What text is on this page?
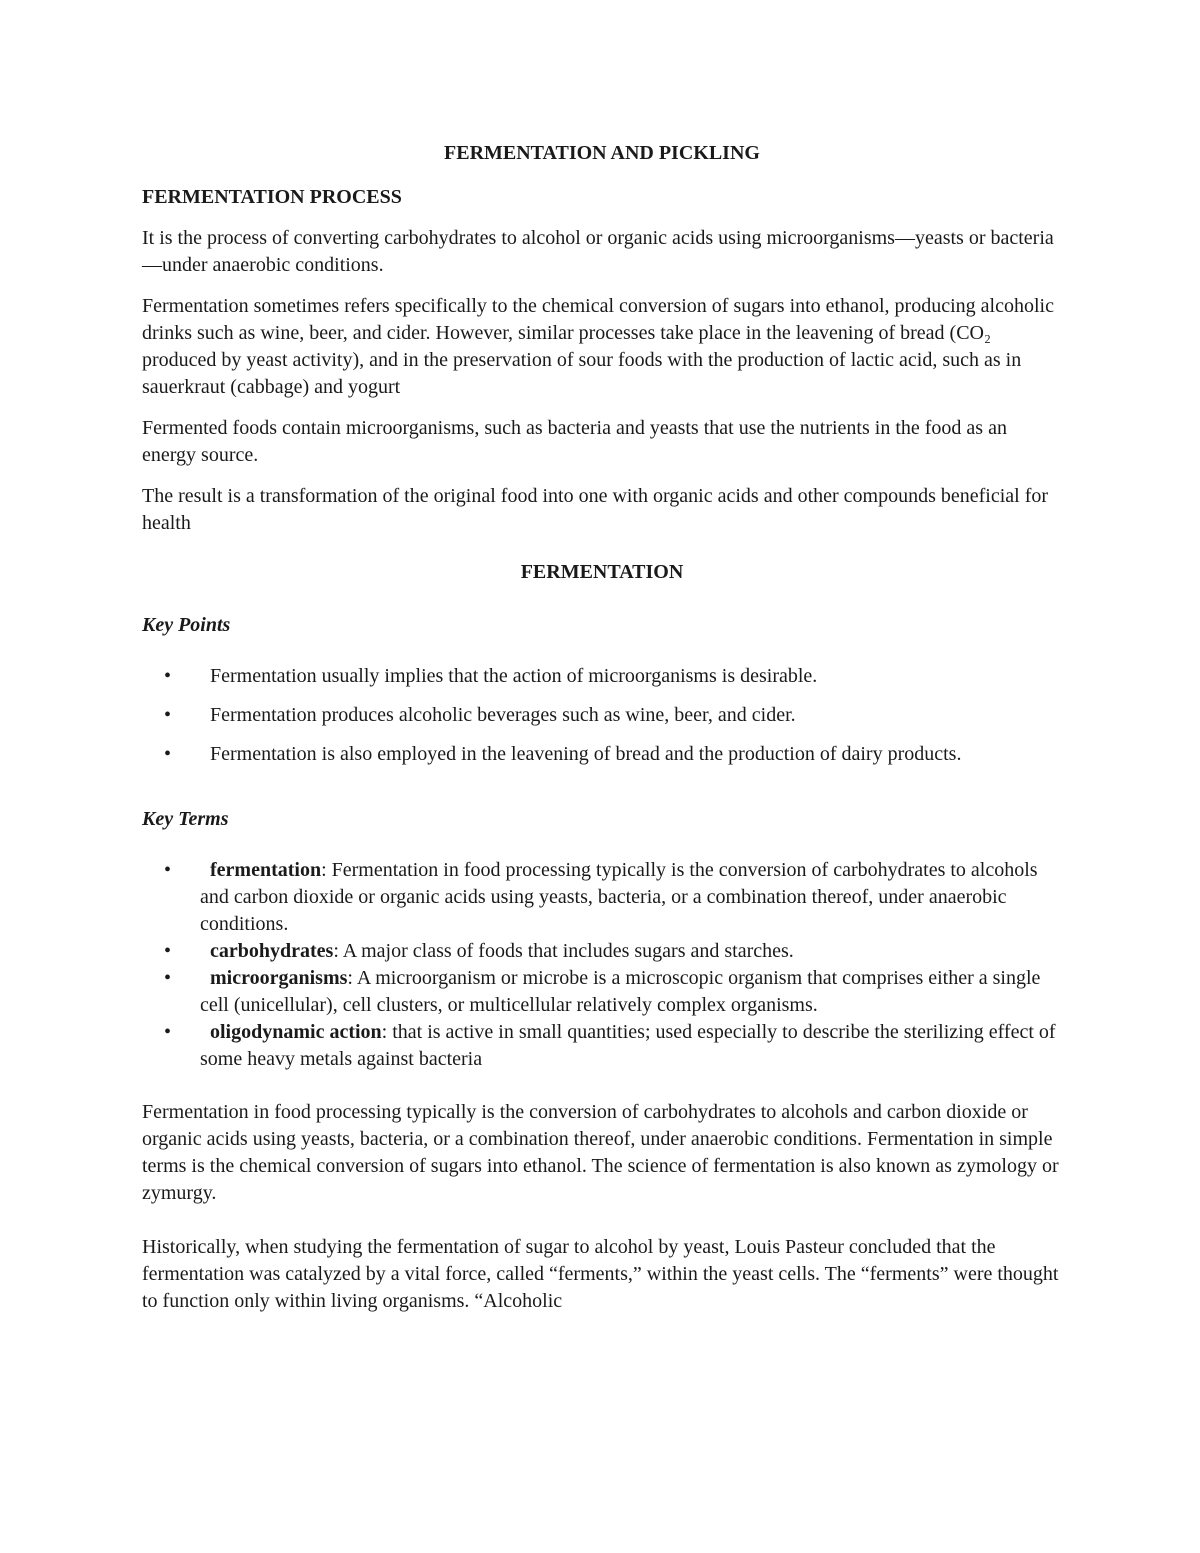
FERMENTATION AND PICKLING
FERMENTATION PROCESS

It is the process of converting carbohydrates to alcohol or organic acids using microorganisms—yeasts or bacteria—under anaerobic conditions.

Fermentation sometimes refers specifically to the chemical conversion of sugars into ethanol, producing alcoholic drinks such as wine, beer, and cider. However, similar processes take place in the leavening of bread (CO₂ produced by yeast activity), and in the preservation of sour foods with the production of lactic acid, such as in sauerkraut (cabbage) and yogurt

Fermented foods contain microorganisms, such as bacteria and yeasts that use the nutrients in the food as an energy source.

The result is a transformation of the original food into one with organic acids and other compounds beneficial for health

FERMENTATION
Key Points
•	Fermentation usually implies that the action of microorganisms is desirable.
•	Fermentation produces alcoholic beverages such as wine, beer, and cider.
•	Fermentation is also employed in the leavening of bread and the production of dairy products.
Key Terms
•	fermentation: Fermentation in food processing typically is the conversion of carbohydrates to alcohols and carbon dioxide or organic acids using yeasts, bacteria, or a combination thereof, under anaerobic conditions.
•	carbohydrates: A major class of foods that includes sugars and starches.
•	microorganisms: A microorganism or microbe is a microscopic organism that comprises either a single cell (unicellular), cell clusters, or multicellular relatively complex organisms.
•	oligodynamic action: that is active in small quantities; used especially to describe the sterilizing effect of some heavy metals against bacteria

Fermentation in food processing typically is the conversion of carbohydrates to alcohols and carbon dioxide or organic acids using yeasts, bacteria, or a combination thereof, under anaerobic conditions. Fermentation in simple terms is the chemical conversion of sugars into ethanol. The science of fermentation is also known as zymology or zymurgy.

Historically, when studying the fermentation of sugar to alcohol by yeast, Louis Pasteur concluded that the fermentation was catalyzed by a vital force, called “ferments,” within the yeast cells. The “ferments” were thought to function only within living organisms. “Alcoholic
